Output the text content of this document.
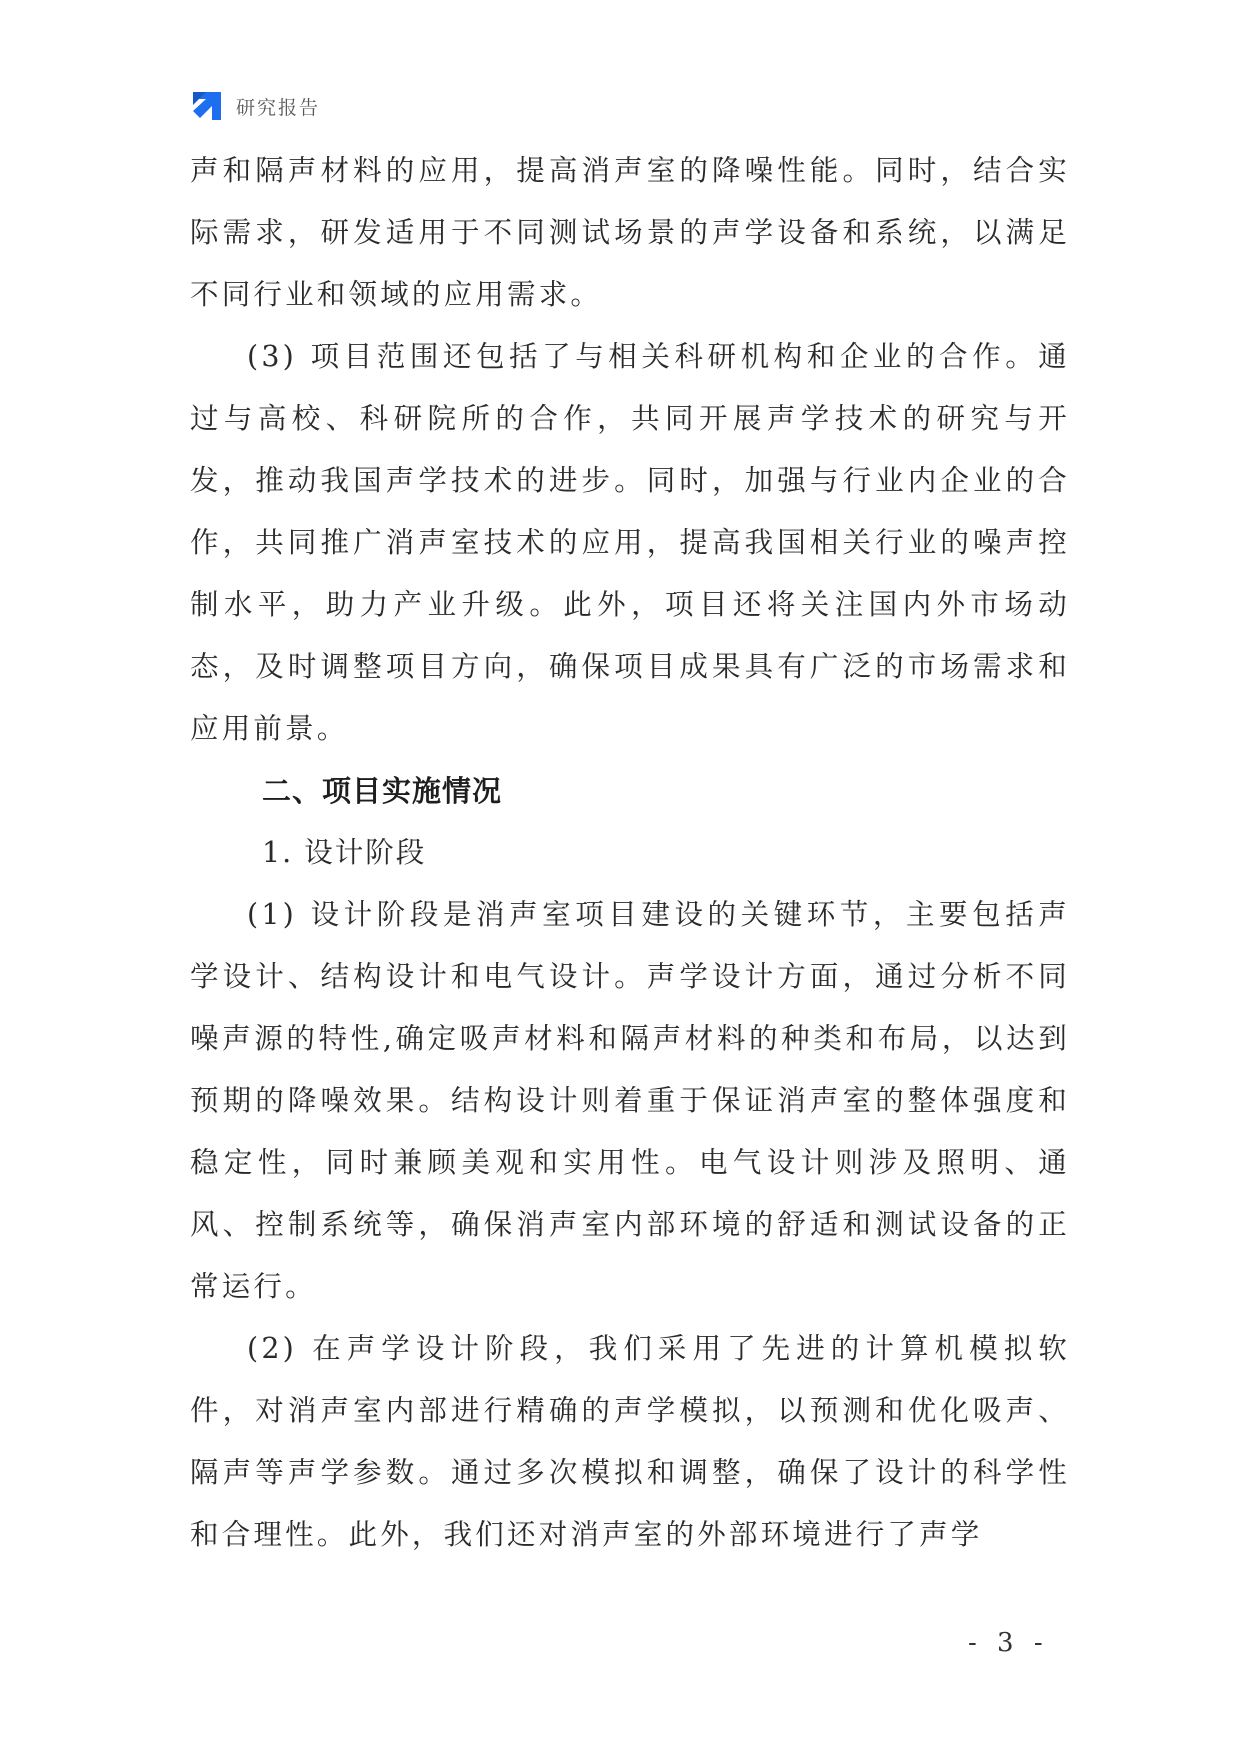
研究报告

声和隔声材料的应用，提高消声室的降噪性能。同时，结合实际需求，研发适用于不同测试场景的声学设备和系统，以满足不同行业和领域的应用需求。

(3) 项目范围还包括了与相关科研机构和企业的合作。通过与高校、科研院所的合作，共同开展声学技术的研究与开发，推动我国声学技术的进步。同时，加强与行业内企业的合作，共同推广消声室技术的应用，提高我国相关行业的噪声控制水平，助力产业升级。此外，项目还将关注国内外市场动态，及时调整项目方向，确保项目成果具有广泛的市场需求和应用前景。

二、项目实施情况

1. 设计阶段

(1) 设计阶段是消声室项目建设的关键环节，主要包括声学设计、结构设计和电气设计。声学设计方面，通过分析不同噪声源的特性,确定吸声材料和隔声材料的种类和布局，以达到预期的降噪效果。结构设计则着重于保证消声室的整体强度和稳定性，同时兼顾美观和实用性。电气设计则涉及照明、通风、控制系统等，确保消声室内部环境的舒适和测试设备的正常运行。

(2) 在声学设计阶段，我们采用了先进的计算机模拟软件，对消声室内部进行精确的声学模拟，以预测和优化吸声、隔声等声学参数。通过多次模拟和调整，确保了设计的科学性和合理性。此外，我们还对消声室的外部环境进行了声学

- 3 -
